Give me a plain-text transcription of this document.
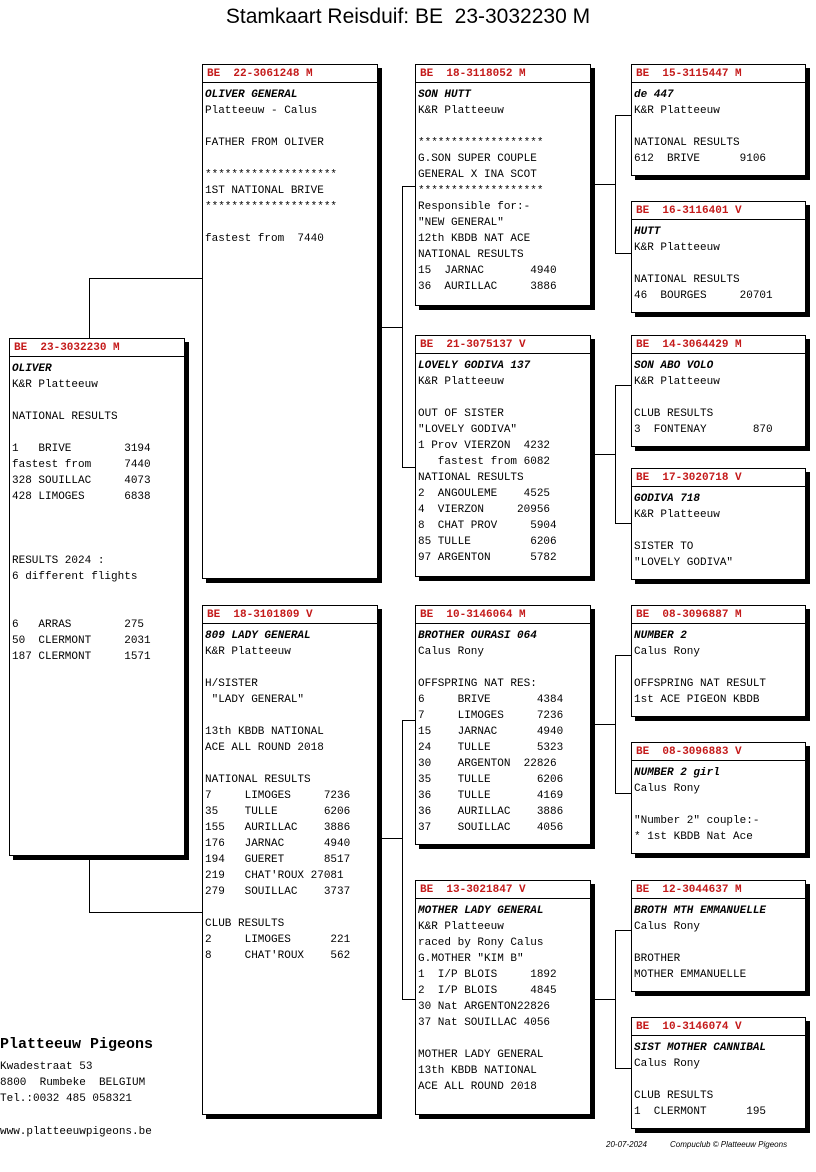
Stamkaart Reisduif: BE  23-3032230 M
BE  23-3032230 M
OLIVER
K&R Platteeuw
NATIONAL RESULTS
1   BRIVE        3194
fastest from     7440
328 SOUILLAC     4073
428 LIMOGES      6838
RESULTS 2024 :
6 different flights
6   ARRAS        275
50  CLERMONT     2031
187 CLERMONT     1571
BE  22-3061248 M
OLIVER GENERAL
Platteeuw - Calus
FATHER FROM OLIVER
********************
1ST NATIONAL BRIVE
********************
fastest from  7440
BE  18-3101809 V
809 LADY GENERAL
K&R Platteeuw
H/SISTER
"LADY GENERAL"
13th KBDB NATIONAL
ACE ALL ROUND 2018
NATIONAL RESULTS
7     LIMOGES     7236
35    TULLE       6206
155   AURILLAC    3886
176   JARNAC      4940
194   GUERET      8517
219   CHAT'ROUX 27081
279   SOUILLAC    3737
CLUB RESULTS
2     LIMOGES      221
8     CHAT'ROUX    562
BE  18-3118052 M
SON HUTT
K&R Platteeuw
*******************
G.SON SUPER COUPLE
GENERAL X INA SCOT
*******************
Responsible for:-
"NEW GENERAL"
12th KBDB NAT ACE
NATIONAL RESULTS
15  JARNAC       4940
36  AURILLAC     3886
BE  21-3075137 V
LOVELY GODIVA 137
K&R Platteeuw
OUT OF SISTER
"LOVELY GODIVA"
1 Prov VIERZON  4232
fastest from 6082
NATIONAL RESULTS
2  ANGOULEME    4525
4  VIERZON     20956
8  CHAT PROV     5904
85 TULLE         6206
97 ARGENTON      5782
BE  10-3146064 M
BROTHER OURASI 064
Calus Rony
OFFSPRING NAT RES:
6     BRIVE       4384
7     LIMOGES     7236
15    JARNAC      4940
24    TULLE       5323
30    ARGENTON  22826
35    TULLE       6206
36    TULLE       4169
36    AURILLAC    3886
37    SOUILLAC    4056
BE  13-3021847 V
MOTHER LADY GENERAL
K&R Platteeuw
raced by Rony Calus
G.MOTHER "KIM B"
1  I/P BLOIS     1892
2  I/P BLOIS     4845
30 Nat ARGENTON22826
37 Nat SOUILLAC 4056
MOTHER LADY GENERAL
13th KBDB NATIONAL
ACE ALL ROUND 2018
BE  15-3115447 M
de 447
K&R Platteeuw
NATIONAL RESULTS
612  BRIVE      9106
BE  16-3116401 V
HUTT
K&R Platteeuw
NATIONAL RESULTS
46  BOURGES     20701
BE  14-3064429 M
SON ABO VOLO
K&R Platteeuw
CLUB RESULTS
3  FONTENAY       870
BE  17-3020718 V
GODIVA 718
K&R Platteeuw
SISTER TO
"LOVELY GODIVA"
BE  08-3096887 M
NUMBER 2
Calus Rony
OFFSPRING NAT RESULT
1st ACE PIGEON KBDB
BE  08-3096883 V
NUMBER 2 girl
Calus Rony
"Number 2" couple:-
* 1st KBDB Nat Ace
BE  12-3044637 M
BROTH MTH EMMANUELLE
Calus Rony
BROTHER
MOTHER EMMANUELLE
BE  10-3146074 V
SIST MOTHER CANNIBAL
Calus Rony
CLUB RESULTS
1  CLERMONT      195
Platteeuw Pigeons
Kwadestraat 53
8800  Rumbeke  BELGIUM
Tel.:0032 485 058321
www.platteeuwpigeons.be
20-07-2024	Compuclub © Platteeuw Pigeons
